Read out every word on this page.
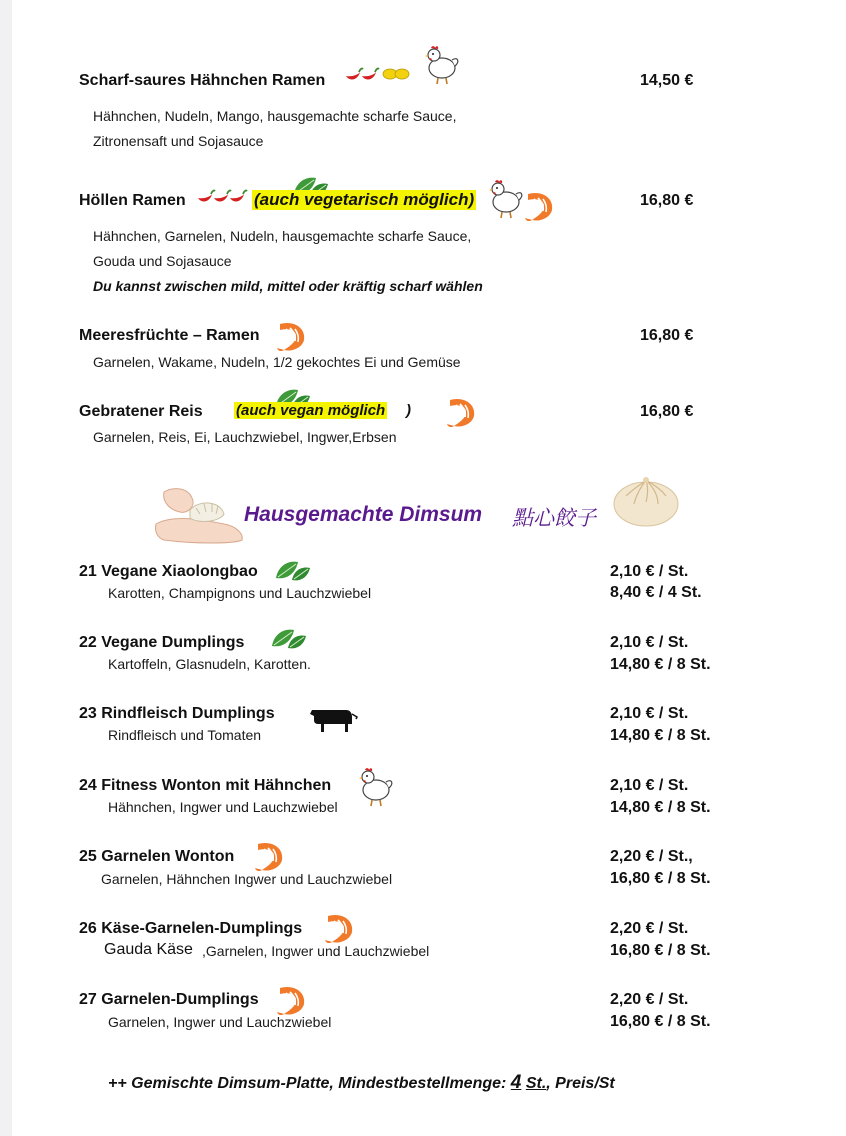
Scharf-saures Hähnchen Ramen	14,50 €
Hähnchen, Nudeln, Mango, hausgemachte scharfe Sauce,
Zitronensaft und Sojasauce
Höllen Ramen	(auch vegetarisch möglich)	16,80 €
Hähnchen, Garnelen, Nudeln, hausgemachte scharfe Sauce,
Gouda und Sojasauce
Du kannst zwischen mild, mittel oder kräftig scharf wählen
Meeresfrüchte – Ramen	16,80 €
Garnelen, Wakame, Nudeln, 1/2 gekochtes Ei und Gemüse
Gebratener Reis (auch vegan möglich )	16,80 €
Garnelen, Reis, Ei, Lauchzwiebel, Ingwer,Erbsen
Hausgemachte Dimsum 點心餃子
21 Vegane Xiaolongbao
Karotten, Champignons und Lauchzwiebel
2,10 € / St.
8,40 € / 4 St.
22 Vegane Dumplings
Kartoffeln, Glasnudeln, Karotten.
2,10 € / St.
14,80 € / 8 St.
23 Rindfleisch Dumplings
Rindfleisch und Tomaten
2,10 € / St.
14,80 € / 8 St.
24 Fitness Wonton mit Hähnchen
Hähnchen, Ingwer und Lauchzwiebel
2,10 € / St.
14,80 € / 8 St.
25 Garnelen Wonton
Garnelen, Hähnchen Ingwer und Lauchzwiebel
2,20 € / St.,
16,80 € / 8 St.
26 Käse-Garnelen-Dumplings
Gauda Käse ,Garnelen, Ingwer und Lauchzwiebel
2,20 € / St.
16,80 € / 8 St.
27 Garnelen-Dumplings
Garnelen, Ingwer und Lauchzwiebel
2,20 € / St.
16,80 € / 8 St.
++ Gemischte Dimsum-Platte, Mindestbestellmenge: 4 St., Preis/St
